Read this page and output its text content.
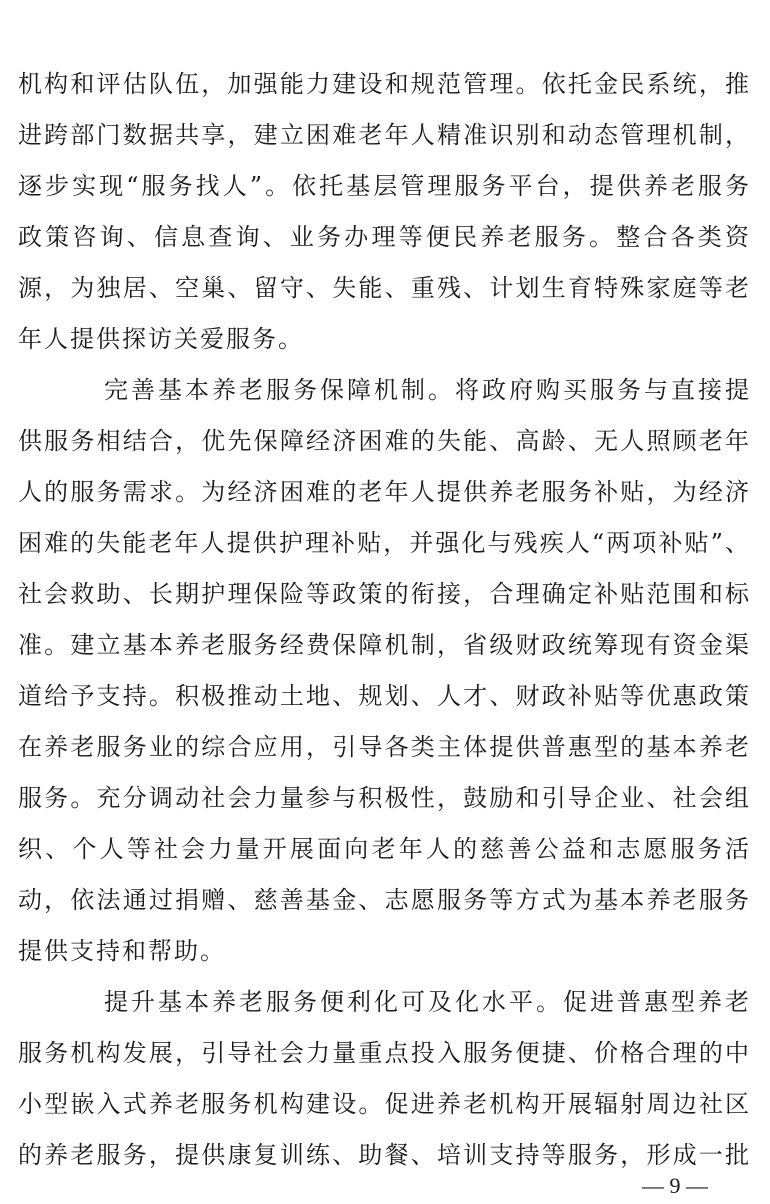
机构和评估队伍，加强能力建设和规范管理。依托金民系统，推

进跨部门数据共享，建立困难老年人精准识别和动态管理机制，

逐步实现“服务找人”。依托基层管理服务平台，提供养老服务

政策咨询、信息查询、业务办理等便民养老服务。整合各类资

源，为独居、空巢、留守、失能、重残、计划生育特殊家庭等老

年人提供探访关爱服务。

完善基本养老服务保障机制。将政府购买服务与直接提

供服务相结合，优先保障经济困难的失能、高龄、无人照顾老年

人的服务需求。为经济困难的老年人提供养老服务补贴，为经济

困难的失能老年人提供护理补贴，并强化与残疾人“两项补贴”、

社会救助、长期护理保险等政策的衔接，合理确定补贴范围和标

准。建立基本养老服务经费保障机制，省级财政统筹现有资金渠

道给予支持。积极推动土地、规划、人才、财政补贴等优惠政策

在养老服务业的综合应用，引导各类主体提供普惠型的基本养老

服务。充分调动社会力量参与积极性，鼓励和引导企业、社会组

织、个人等社会力量开展面向老年人的慈善公益和志愿服务活

动，依法通过捐赠、慈善基金、志愿服务等方式为基本养老服务

提供支持和帮助。

提升基本养老服务便利化可及化水平。促进普惠型养老

服务机构发展，引导社会力量重点投入服务便捷、价格合理的中

小型嵌入式养老服务机构建设。促进养老机构开展辐射周边社区

的养老服务，提供康复训练、助餐、培训支持等服务，形成一批

— 9 —
